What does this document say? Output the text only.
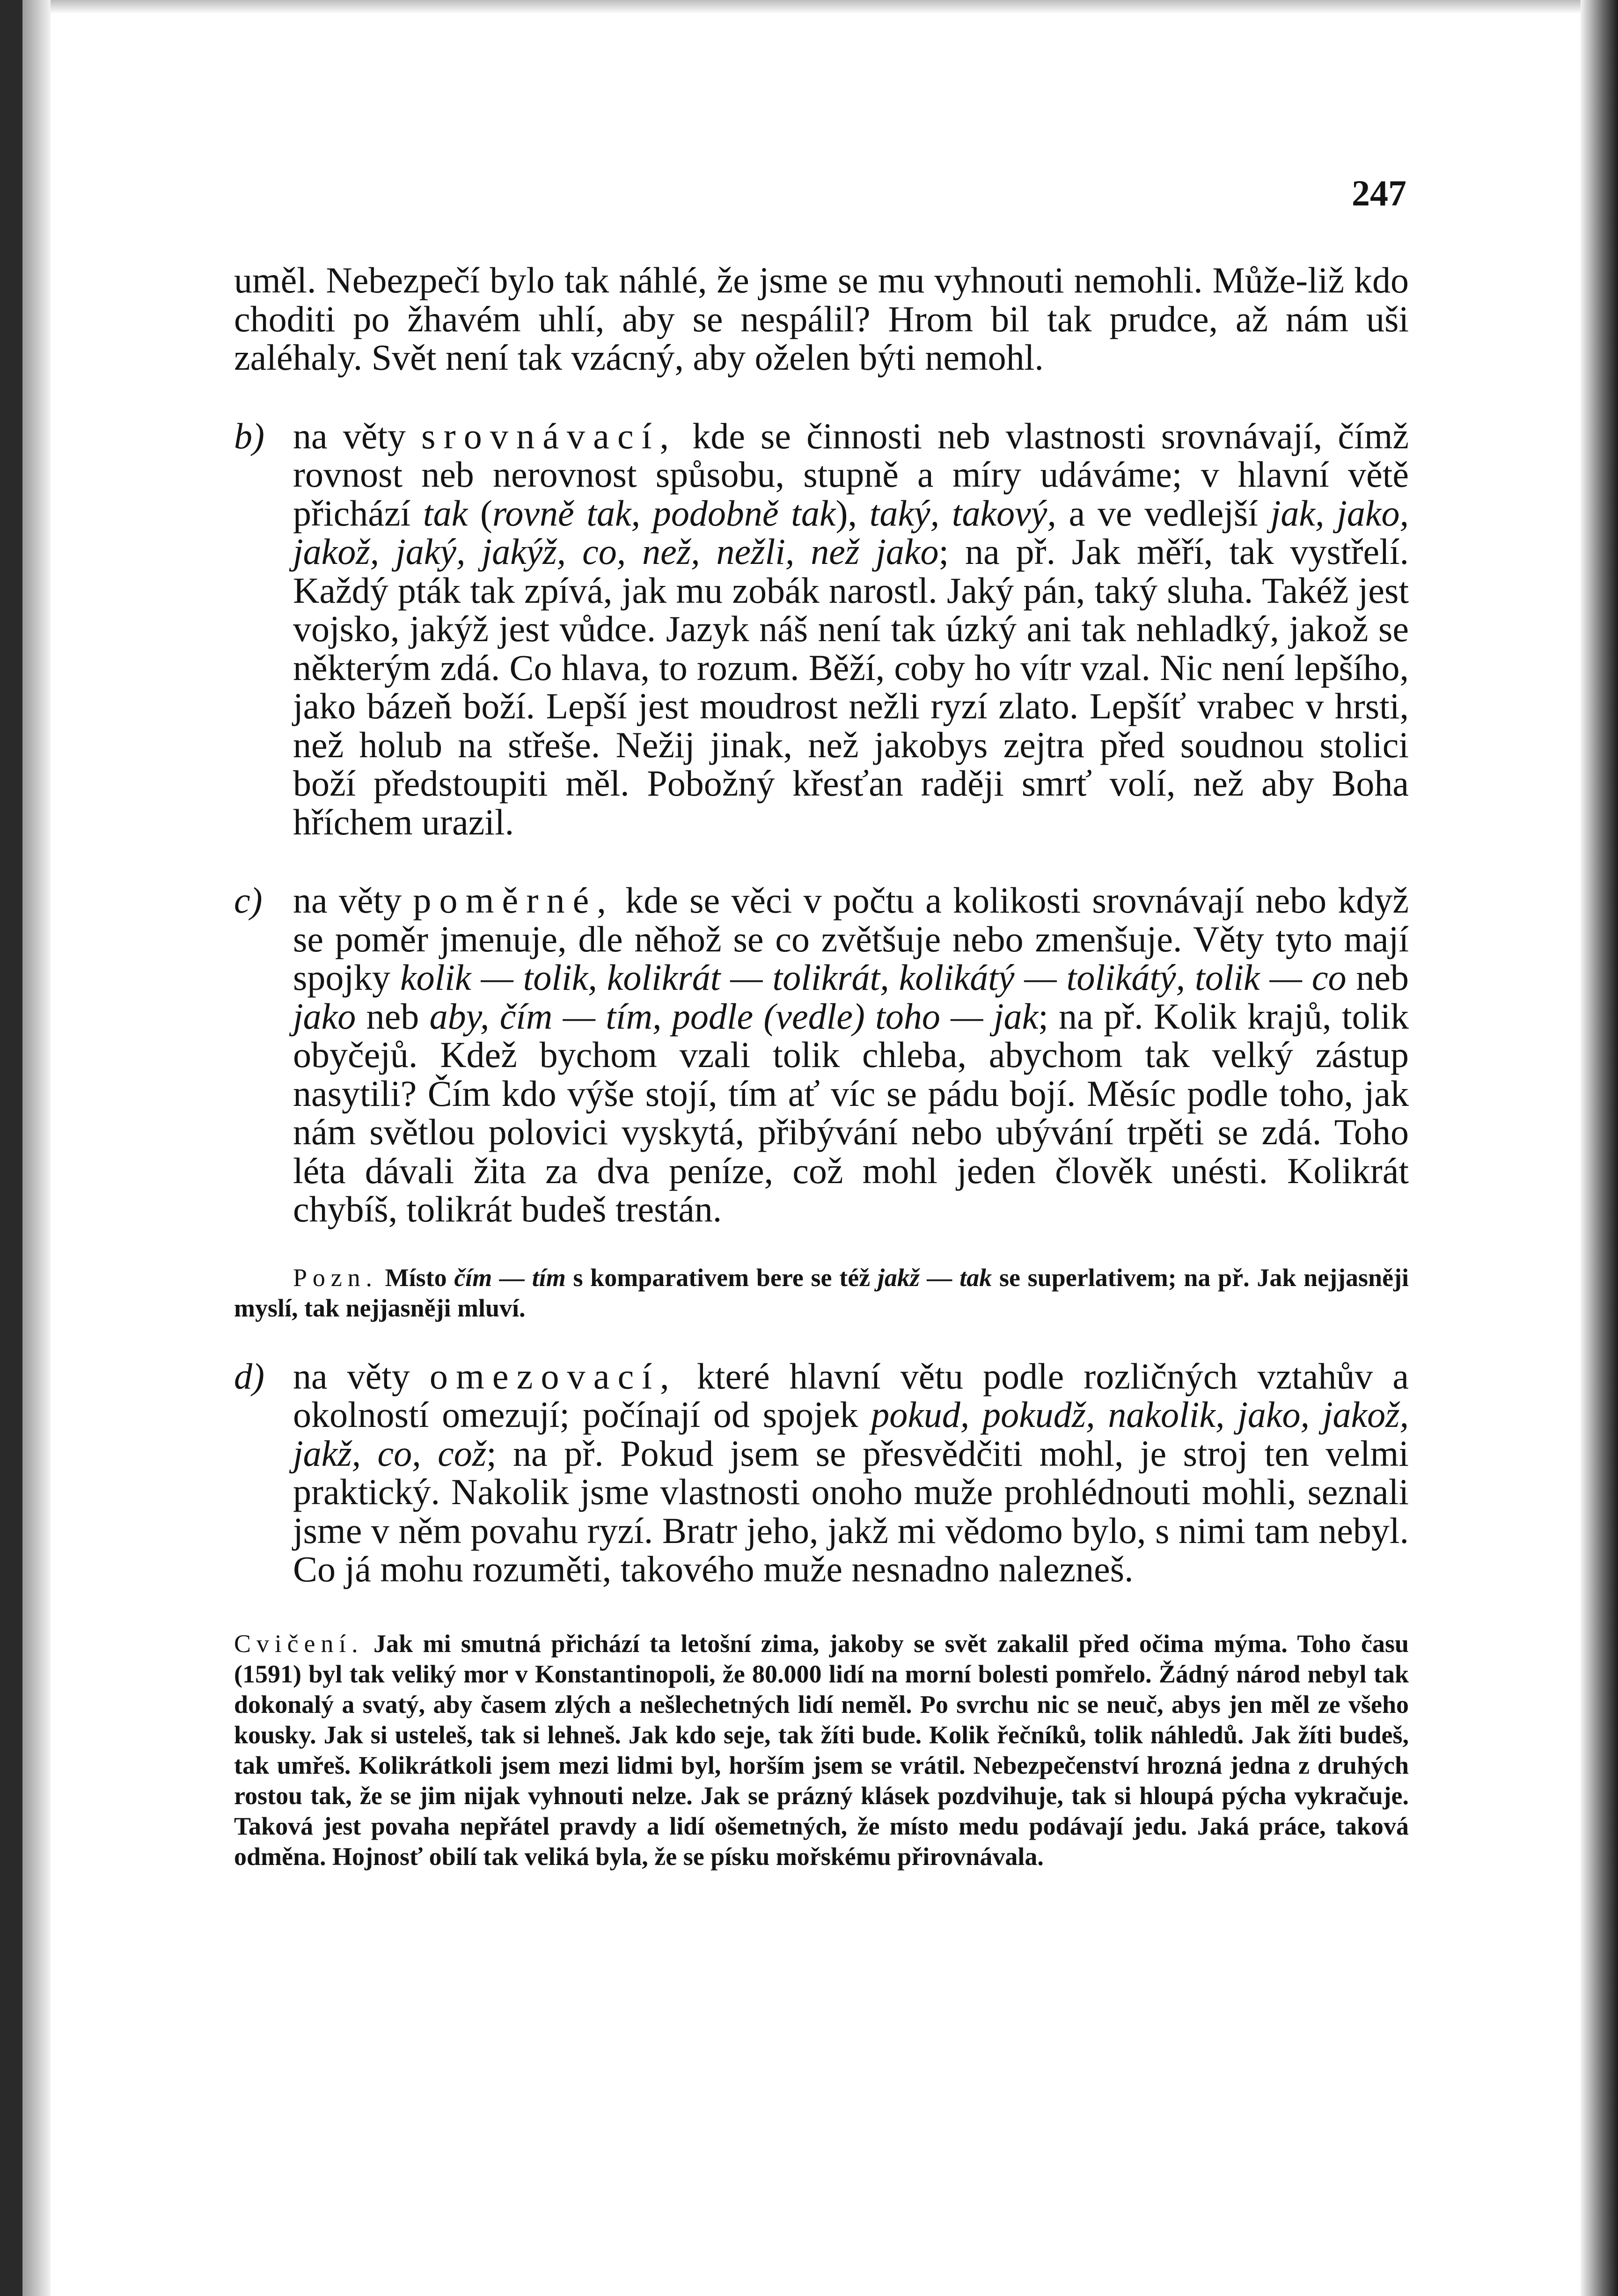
247

uměl. Nebezpečí bylo tak náhlé, že jsme se mu vyhnouti nemohli. Může-liž kdo choditi po žhavém uhlí, aby se nespálil? Hrom bil tak prudce, až nám uši zaléhaly. Svět není tak vzácný, aby oželen býti nemohl.

b) na věty srovnávací, kde se činnosti neb vlastnosti srovnávají, čímž rovnost neb nerovnost spůsobu, stupně a míry udáváme; v hlavní větě přichází tak (rovně tak, podobně tak), taký, takový, a ve vedlejší jak, jako, jakož, jaký, jakýž, co, než, nežli, než jako; na př. Jak měří, tak vystřelí. Každý pták tak zpívá, jak mu zobák narostl. Jaký pán, taký sluha. Takéž jest vojsko, jakýž jest vůdce. Jazyk náš není tak úzký ani tak nehladký, jakož se některým zdá. Co hlava, to rozum. Běží, coby ho vítr vzal. Nic není lepšího, jako bázeň boží. Lepší jest moudrost nežli ryzí zlato. Lepšíť vrabec v hrsti, než holub na střeše. Nežij jinak, než jakobys zejtra před soudnou stolici boží předstoupiti měl. Pobožný křesťan raději smrť volí, než aby Boha hříchem urazil.

c) na věty poměrné, kde se věci v počtu a kolikosti srovnávají nebo když se poměr jmenuje, dle něhož se co zvětšuje nebo zmenšuje. Věty tyto mají spojky kolik — tolik, kolikrát — tolikrát, kolikátý — tolikátý, tolik — co neb jako neb aby, čím — tím, podle (vedle) toho — jak; na př. Kolik krajů, tolik obyčejů. Kdež bychom vzali tolik chleba, abychom tak velký zástup nasytili? Čím kdo výše stojí, tím ať víc se pádu bojí. Měsíc podle toho, jak nám světlou polovici vyskytá, přibývání nebo ubývání trpěti se zdá. Toho léta dávali žita za dva peníze, což mohl jeden člověk unésti. Kolikrát chybíš, tolikrát budeš trestán.

Pozn. Místo čím — tím s komparativem bere se též jakž — tak se superlativem; na př. Jak nejjasněji myslí, tak nejjasněji mluví.

d) na věty omezovací, které hlavní větu podle rozličných vztahův a okolností omezují; počínají od spojek pokud, pokudž, nakolik, jako, jakož, jakž, co, což; na př. Pokud jsem se přesvědčiti mohl, je stroj ten velmi praktický. Nakolik jsme vlastnosti onoho muže prohlédnouti mohli, seznali jsme v něm povahu ryzí. Bratr jeho, jakž mi vědomo bylo, s nimi tam nebyl. Co já mohu rozuměti, takového muže nesnadno nalezneš.

Cvičení. Jak mi smutná přichází ta letošní zima, jakoby se svět zakalil před očima mýma. Toho času (1591) byl tak veliký mor v Konstantinopoli, že 80.000 lidí na morní bolesti pomřelo. Žádný národ nebyl tak dokonalý a svatý, aby časem zlých a nešlechetných lidí neměl. Po svrchu nic se neuč, abys jen měl ze všeho kousky. Jak si usteleš, tak si lehneš. Jak kdo seje, tak žíti bude. Kolik řečníků, tolik náhledů. Jak žíti budeš, tak umřeš. Kolikrátkoli jsem mezi lidmi byl, horším jsem se vrátil. Nebezpečenství hrozná jedna z druhých rostou tak, že se jim nijak vyhnouti nelze. Jak se prázný klásek pozdvihuje, tak si hloupá pýcha vykračuje. Taková jest povaha nepřátel pravdy a lidí ošemetných, že místo medu podávají jedu. Jaká práce, taková odměna. Hojnosť obilí tak veliká byla, že se písku mořskému přirovnávala.
